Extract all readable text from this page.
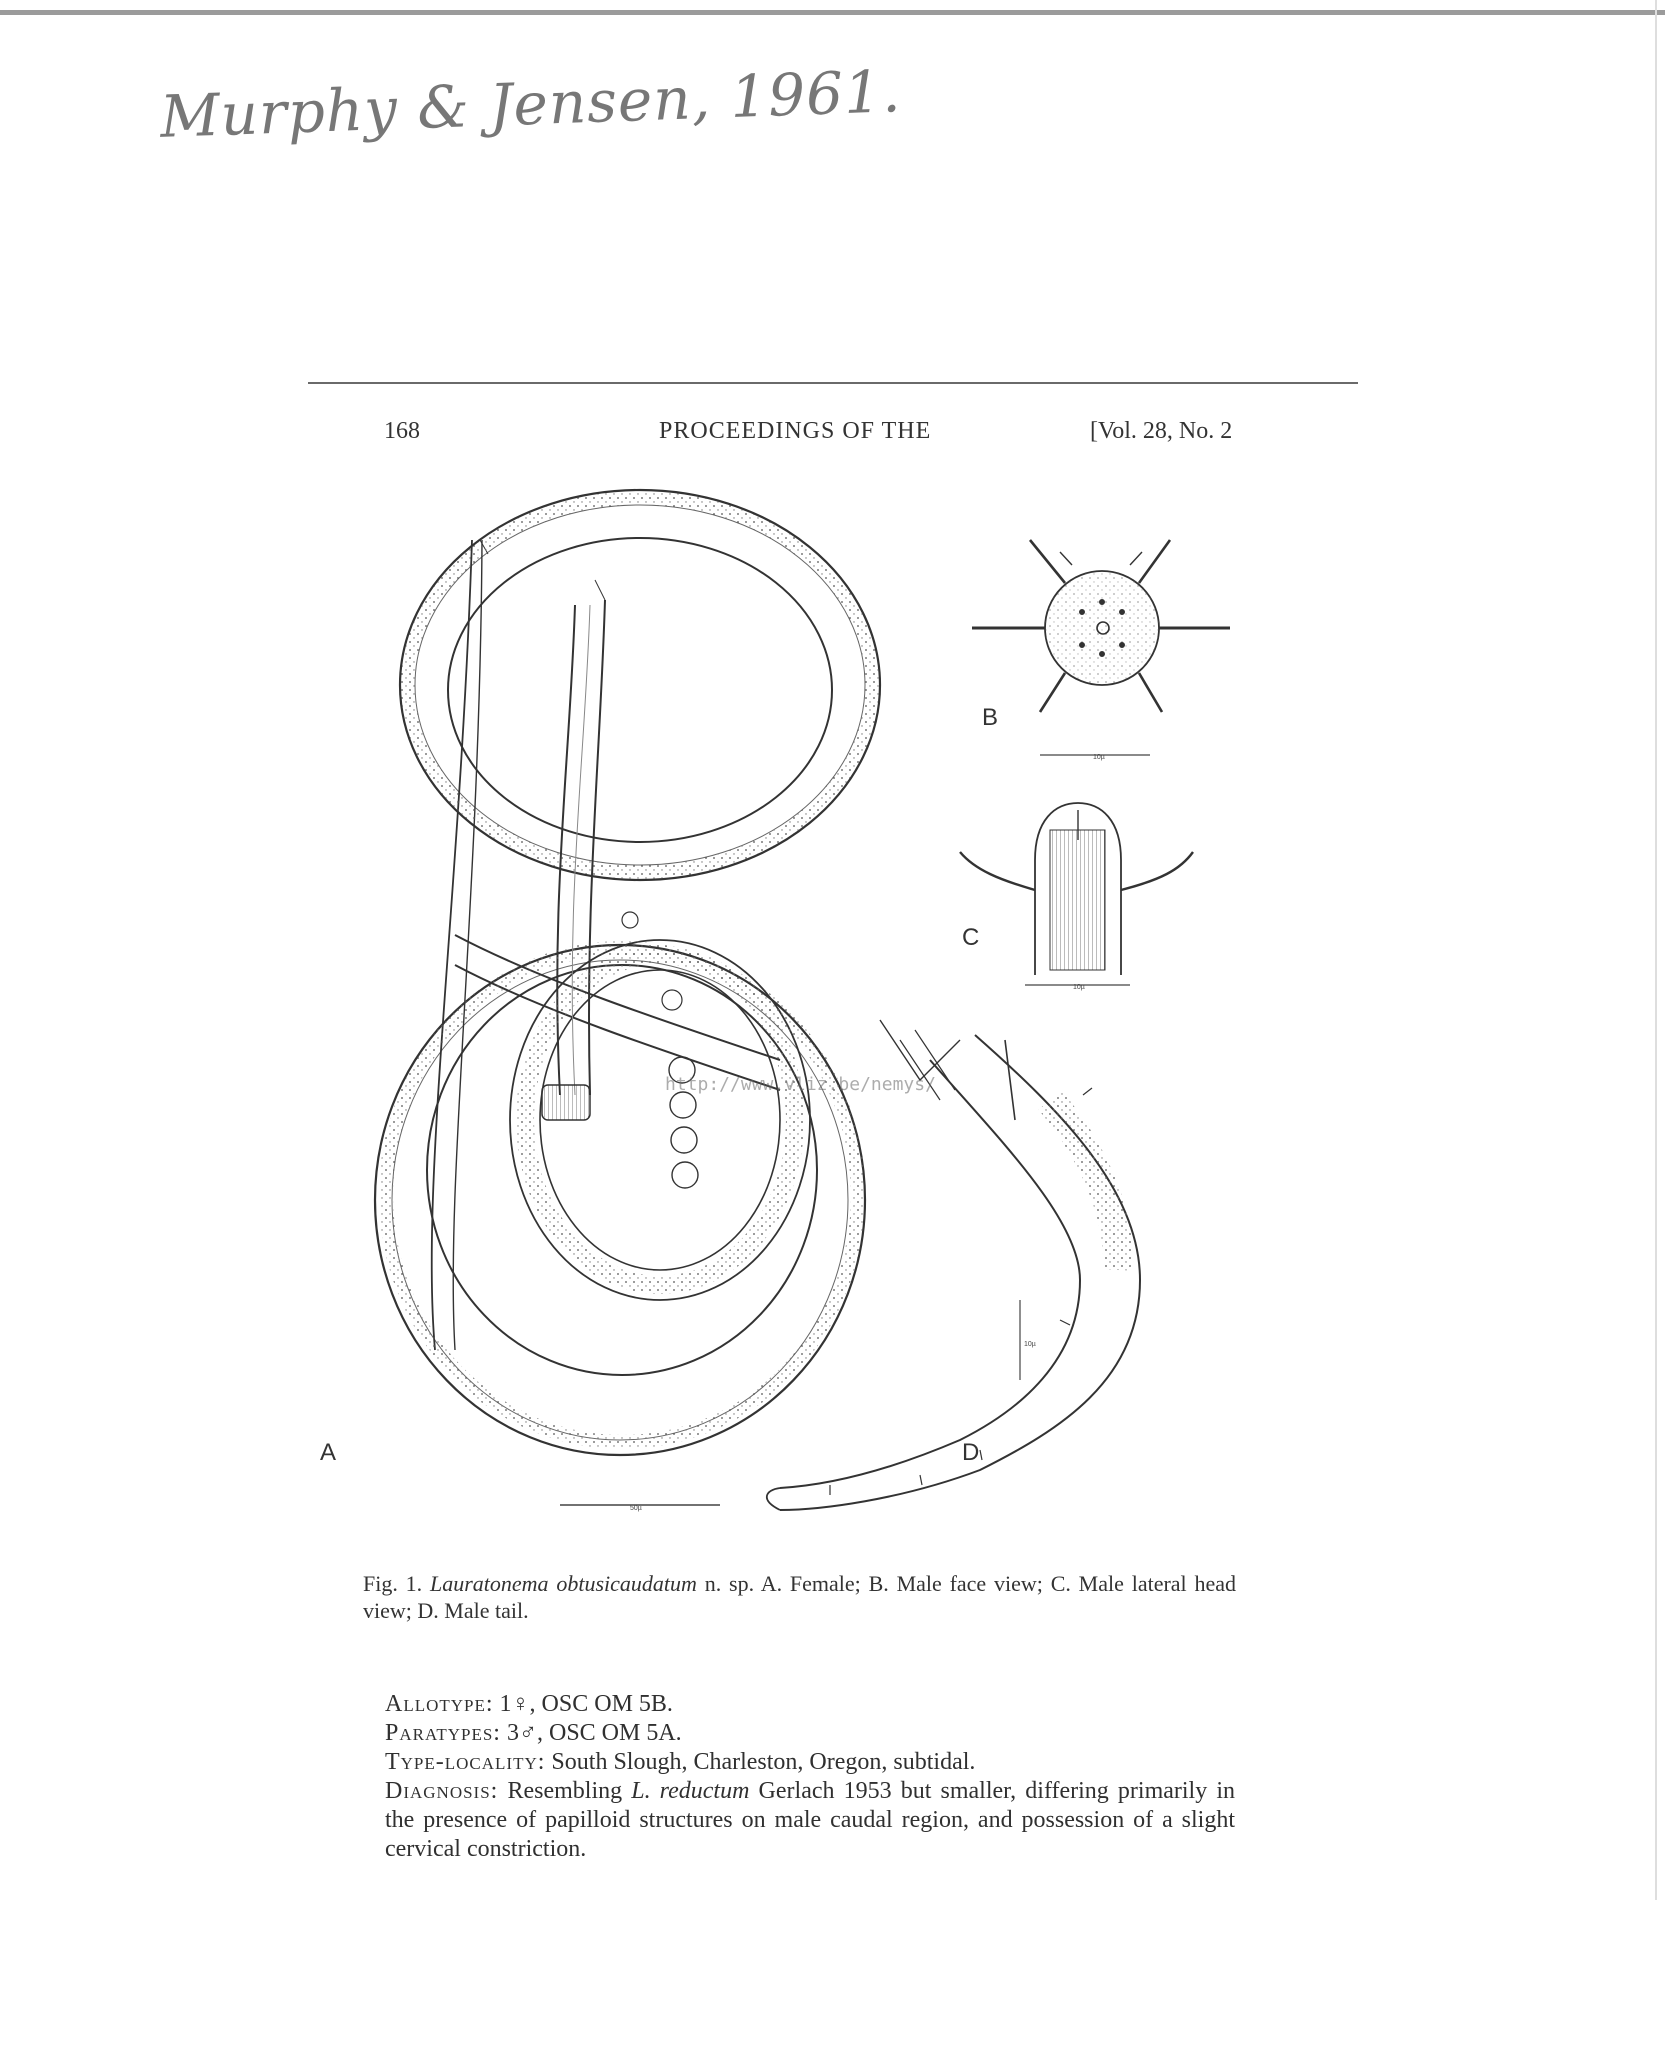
Murphy & Jensen, 1961.
168	PROCEEDINGS OF THE	[Vol. 28, No. 2
A
50µ
B
10µ
C
10µ
D
10µ
http://www.vliz.be/nemys/
Fig. 1. Lauratonema obtusicaudatum n. sp. A. Female; B. Male face view; C. Male lateral head view; D. Male tail.
Allotype: 1♀, OSC OM 5B.
Paratypes: 3♂, OSC OM 5A.
Type-locality: South Slough, Charleston, Oregon, subtidal.
Diagnosis: Resembling L. reductum Gerlach 1953 but smaller, differing primarily in the presence of papilloid structures on male caudal region, and possession of a slight cervical constriction.
